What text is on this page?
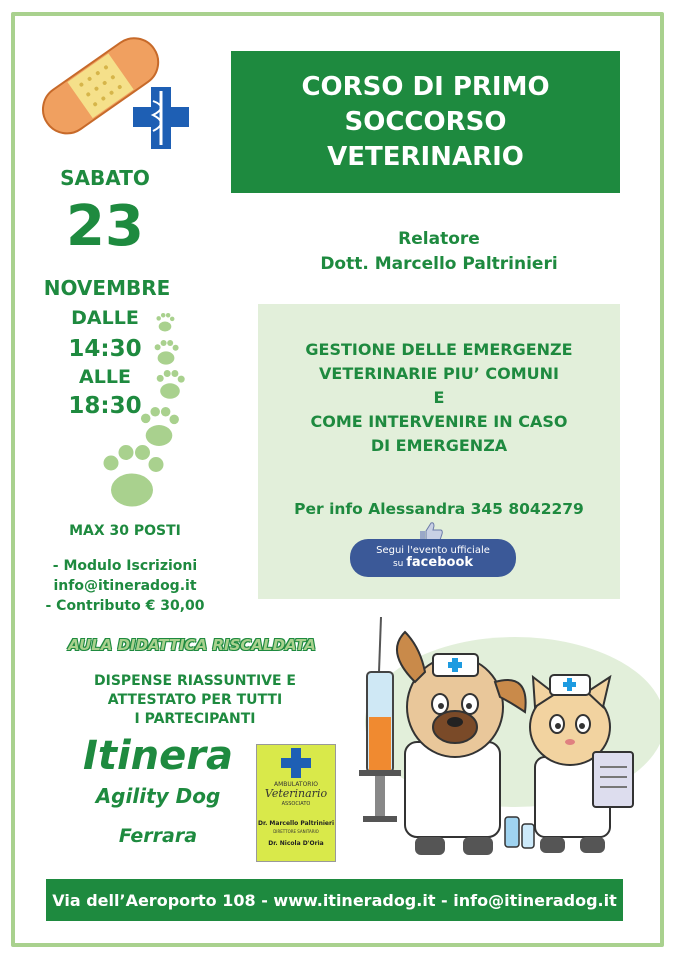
CORSO DI PRIMO
SOCCORSO
VETERINARIO
SABATO
23
NOVEMBRE
DALLE
14:30
ALLE
18:30
Relatore
Dott. Marcello Paltrinieri
GESTIONE DELLE EMERGENZE
VETERINARIE PIU’ COMUNI
E
COME INTERVENIRE IN CASO
DI EMERGENZA
Per info Alessandra 345 8042279
Segui l'evento ufficiale
su facebook
MAX 30 POSTI
- Modulo Iscrizioni
info@itineradog.it
- Contributo € 30,00
AULA DIDATTICA RISCALDATA
DISPENSE RIASSUNTIVE E
ATTESTATO PER TUTTI
I PARTECIPANTI
Itinera
Agility Dog
Ferrara
AMBULATORIO
Veterinario
ASSOCIATO
Dr. Marcello Paltrinieri
DIRETTORE SANITARIO
Dr. Nicola D'Orìa
Via dell’Aeroporto 108 - www.itineradog.it - info@itineradog.it
